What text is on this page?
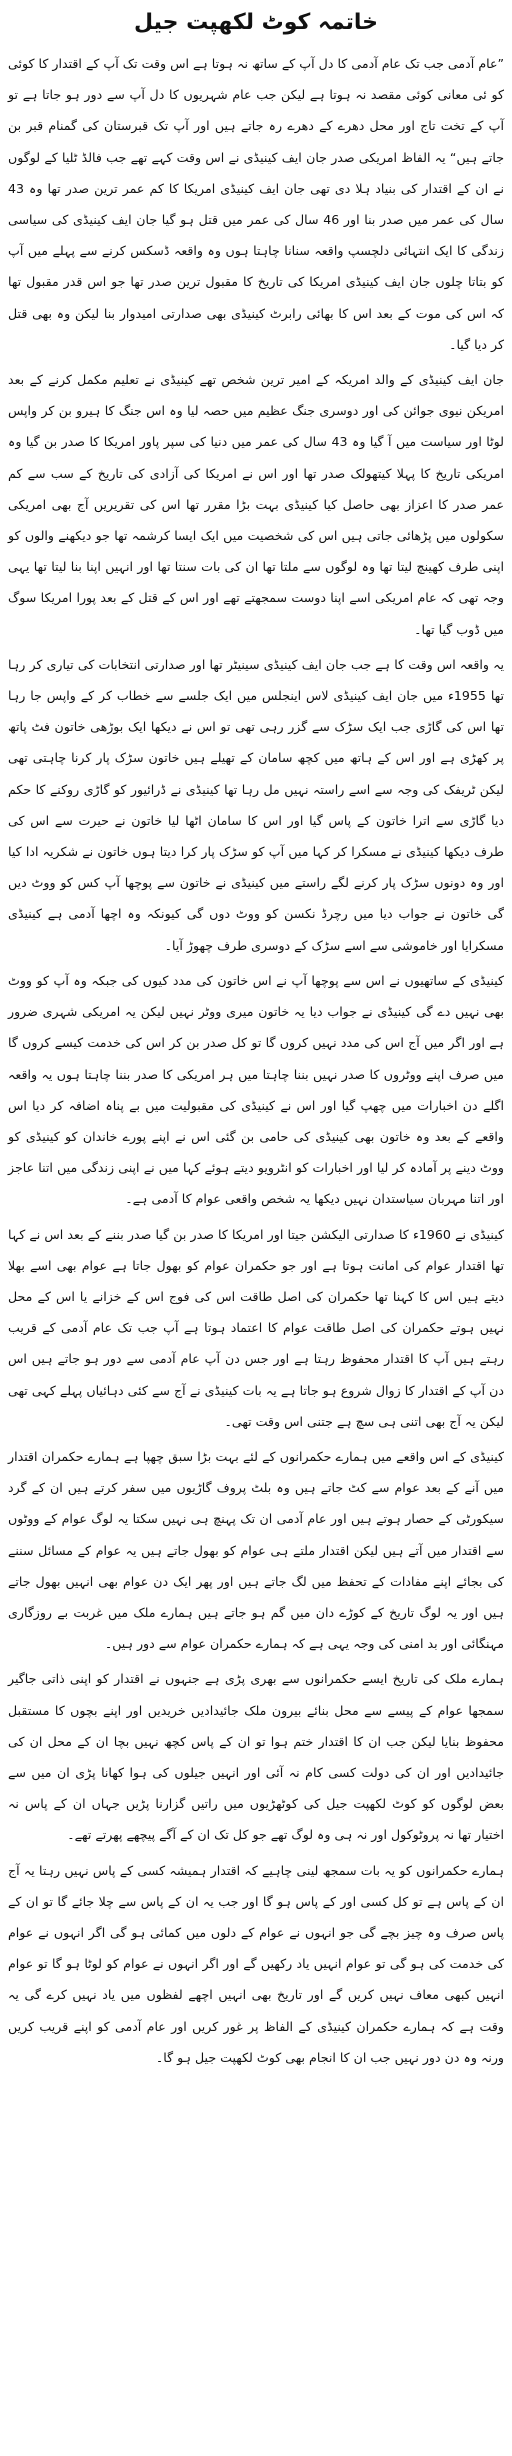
خاتمہ کوٹ لکھپت جیل

”عام آدمی جب تک عام آدمی کا دل آپ کے ساتھ نہ ہوتا ہے اس وقت تک آپ کے اقتدار کا کوئی کو ئی معانی کوئی مقصد نہ ہوتا ہے لیکن جب عام شہریوں کا دل آپ سے دور ہو جاتا ہے تو آپ کے تخت تاج اور محل دھرے کے دھرے رہ جاتے ہیں اور آپ تک قبرستان کی گمنام قبر بن جاتے ہیں“ یہ الفاظ امریکی صدر جان ایف کینیڈی نے اس وقت کہے تھے جب فالڈ ٹلیا کے لوگوں نے ان کے اقتدار کی بنیاد ہلا دی تھی جان ایف کینیڈی امریکا کا کم عمر ترین صدر تھا وہ 43 سال کی عمر میں صدر بنا اور 46 سال کی عمر میں قتل ہو گیا جان ایف کینیڈی کی سیاسی زندگی کا ایک انتہائی دلچسپ واقعہ سنانا چاہتا ہوں وہ واقعہ ڈسکس کرنے سے پہلے میں آپ کو بتاتا چلوں جان ایف کینیڈی امریکا کی تاریخ کا مقبول ترین صدر تھا جو اس قدر مقبول تھا کہ اس کی موت کے بعد اس کا بھائی رابرٹ کینیڈی بھی صدارتی امیدوار بنا لیکن وہ بھی قتل کر دیا گیا۔

جان ایف کینیڈی کے والد امریکہ کے امیر ترین شخص تھے کینیڈی نے تعلیم مکمل کرنے کے بعد امریکن نیوی جوائن کی اور دوسری جنگ عظیم میں حصہ لیا وہ اس جنگ کا ہیرو بن کر واپس لوٹا اور سیاست میں آ گیا وہ 43 سال کی عمر میں دنیا کی سپر پاور امریکا کا صدر بن گیا وہ امریکی تاریخ کا پہلا کیتھولک صدر تھا اور اس نے امریکا کی آزادی کی تاریخ کے سب سے کم عمر صدر کا اعزاز بھی حاصل کیا کینیڈی بہت بڑا مقرر تھا اس کی تقریریں آج بھی امریکی سکولوں میں پڑھائی جاتی ہیں اس کی شخصیت میں ایک ایسا کرشمہ تھا جو دیکھنے والوں کو اپنی طرف کھینچ لیتا تھا وہ لوگوں سے ملتا تھا ان کی بات سنتا تھا اور انہیں اپنا بنا لیتا تھا یہی وجہ تھی کہ عام امریکی اسے اپنا دوست سمجھتے تھے اور اس کے قتل کے بعد پورا امریکا سوگ میں ڈوب گیا تھا۔

یہ واقعہ اس وقت کا ہے جب جان ایف کینیڈی سینیٹر تھا اور صدارتی انتخابات کی تیاری کر رہا تھا 1955ء میں جان ایف کینیڈی لاس اینجلس میں ایک جلسے سے خطاب کر کے واپس جا رہا تھا اس کی گاڑی جب ایک سڑک سے گزر رہی تھی تو اس نے دیکھا ایک بوڑھی خاتون فٹ پاتھ پر کھڑی ہے اور اس کے ہاتھ میں کچھ سامان کے تھیلے ہیں خاتون سڑک پار کرنا چاہتی تھی لیکن ٹریفک کی وجہ سے اسے راستہ نہیں مل رہا تھا کینیڈی نے ڈرائیور کو گاڑی روکنے کا حکم دیا گاڑی سے اترا خاتون کے پاس گیا اور اس کا سامان اٹھا لیا خاتون نے حیرت سے اس کی طرف دیکھا کینیڈی نے مسکرا کر کہا میں آپ کو سڑک پار کرا دیتا ہوں خاتون نے شکریہ ادا کیا اور وہ دونوں سڑک پار کرنے لگے راستے میں کینیڈی نے خاتون سے پوچھا آپ کس کو ووٹ دیں گی خاتون نے جواب دیا میں رچرڈ نکسن کو ووٹ دوں گی کیونکہ وہ اچھا آدمی ہے کینیڈی مسکرایا اور خاموشی سے اسے سڑک کے دوسری طرف چھوڑ آیا۔

کینیڈی کے ساتھیوں نے اس سے پوچھا آپ نے اس خاتون کی مدد کیوں کی جبکہ وہ آپ کو ووٹ بھی نہیں دے گی کینیڈی نے جواب دیا یہ خاتون میری ووٹر نہیں لیکن یہ امریکی شہری ضرور ہے اور اگر میں آج اس کی مدد نہیں کروں گا تو کل صدر بن کر اس کی خدمت کیسے کروں گا میں صرف اپنے ووٹروں کا صدر نہیں بننا چاہتا میں ہر امریکی کا صدر بننا چاہتا ہوں یہ واقعہ اگلے دن اخبارات میں چھپ گیا اور اس نے کینیڈی کی مقبولیت میں بے پناہ اضافہ کر دیا اس واقعے کے بعد وہ خاتون بھی کینیڈی کی حامی بن گئی اس نے اپنے پورے خاندان کو کینیڈی کو ووٹ دینے پر آمادہ کر لیا اور اخبارات کو انٹرویو دیتے ہوئے کہا میں نے اپنی زندگی میں اتنا عاجز اور اتنا مہربان سیاستدان نہیں دیکھا یہ شخص واقعی عوام کا آدمی ہے۔

کینیڈی نے 1960ء کا صدارتی الیکشن جیتا اور امریکا کا صدر بن گیا صدر بننے کے بعد اس نے کہا تھا اقتدار عوام کی امانت ہوتا ہے اور جو حکمران عوام کو بھول جاتا ہے عوام بھی اسے بھلا دیتے ہیں اس کا کہنا تھا حکمران کی اصل طاقت اس کی فوج اس کے خزانے یا اس کے محل نہیں ہوتے حکمران کی اصل طاقت عوام کا اعتماد ہوتا ہے آپ جب تک عام آدمی کے قریب رہتے ہیں آپ کا اقتدار محفوظ رہتا ہے اور جس دن آپ عام آدمی سے دور ہو جاتے ہیں اس دن آپ کے اقتدار کا زوال شروع ہو جاتا ہے یہ بات کینیڈی نے آج سے کئی دہائیاں پہلے کہی تھی لیکن یہ آج بھی اتنی ہی سچ ہے جتنی اس وقت تھی۔

کینیڈی کے اس واقعے میں ہمارے حکمرانوں کے لئے بہت بڑا سبق چھپا ہے ہمارے حکمران اقتدار میں آنے کے بعد عوام سے کٹ جاتے ہیں وہ بلٹ پروف گاڑیوں میں سفر کرتے ہیں ان کے گرد سیکورٹی کے حصار ہوتے ہیں اور عام آدمی ان تک پہنچ ہی نہیں سکتا یہ لوگ عوام کے ووٹوں سے اقتدار میں آتے ہیں لیکن اقتدار ملتے ہی عوام کو بھول جاتے ہیں یہ عوام کے مسائل سننے کی بجائے اپنے مفادات کے تحفظ میں لگ جاتے ہیں اور پھر ایک دن عوام بھی انہیں بھول جاتے ہیں اور یہ لوگ تاریخ کے کوڑے دان میں گم ہو جاتے ہیں ہمارے ملک میں غربت بے روزگاری مہنگائی اور بد امنی کی وجہ یہی ہے کہ ہمارے حکمران عوام سے دور ہیں۔

ہمارے ملک کی تاریخ ایسے حکمرانوں سے بھری پڑی ہے جنہوں نے اقتدار کو اپنی ذاتی جاگیر سمجھا عوام کے پیسے سے محل بنائے بیرون ملک جائیدادیں خریدیں اور اپنے بچوں کا مستقبل محفوظ بنایا لیکن جب ان کا اقتدار ختم ہوا تو ان کے پاس کچھ نہیں بچا ان کے محل ان کی جائیدادیں اور ان کی دولت کسی کام نہ آئی اور انہیں جیلوں کی ہوا کھانا پڑی ان میں سے بعض لوگوں کو کوٹ لکھپت جیل کی کوٹھڑیوں میں راتیں گزارنا پڑیں جہاں ان کے پاس نہ اختیار تھا نہ پروٹوکول اور نہ ہی وہ لوگ تھے جو کل تک ان کے آگے پیچھے پھرتے تھے۔

ہمارے حکمرانوں کو یہ بات سمجھ لینی چاہیے کہ اقتدار ہمیشہ کسی کے پاس نہیں رہتا یہ آج ان کے پاس ہے تو کل کسی اور کے پاس ہو گا اور جب یہ ان کے پاس سے چلا جائے گا تو ان کے پاس صرف وہ چیز بچے گی جو انہوں نے عوام کے دلوں میں کمائی ہو گی اگر انہوں نے عوام کی خدمت کی ہو گی تو عوام انہیں یاد رکھیں گے اور اگر انہوں نے عوام کو لوٹا ہو گا تو عوام انہیں کبھی معاف نہیں کریں گے اور تاریخ بھی انہیں اچھے لفظوں میں یاد نہیں کرے گی یہ وقت ہے کہ ہمارے حکمران کینیڈی کے الفاظ پر غور کریں اور عام آدمی کو اپنے قریب کریں ورنہ وہ دن دور نہیں جب ان کا انجام بھی کوٹ لکھپت جیل ہو گا۔
